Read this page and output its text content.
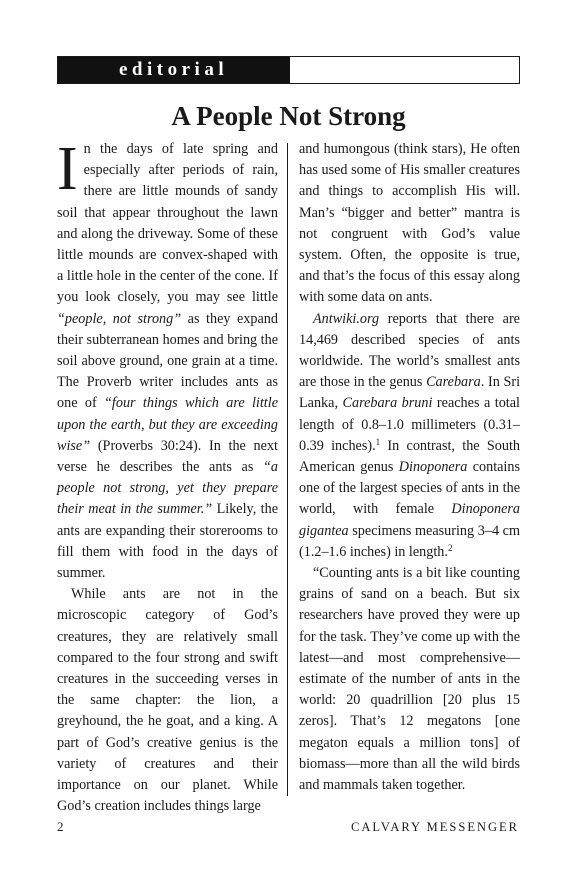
editorial
A People Not Strong

In the days of late spring and especially after periods of rain, there are little mounds of sandy soil that appear throughout the lawn and along the driveway. Some of these little mounds are convex-shaped with a little hole in the center of the cone. If you look closely, you may see little “people, not strong” as they expand their subterranean homes and bring the soil above ground, one grain at a time. The Proverb writer includes ants as one of “four things which are little upon the earth, but they are exceeding wise” (Proverbs 30:24). In the next verse he describes the ants as “a people not strong, yet they prepare their meat in the summer.” Likely, the ants are expanding their storerooms to fill them with food in the days of summer.

While ants are not in the microscopic category of God’s creatures, they are relatively small compared to the four strong and swift creatures in the succeeding verses in the same chapter: the lion, a greyhound, the he goat, and a king. A part of God’s creative genius is the variety of creatures and their importance on our planet. While God’s creation includes things large

and humongous (think stars), He often has used some of His smaller creatures and things to accomplish His will. Man’s “bigger and better” mantra is not congruent with God’s value system. Often, the opposite is true, and that’s the focus of this essay along with some data on ants.

Antwiki.org reports that there are 14,469 described species of ants worldwide. The world’s smallest ants are those in the genus Carebara. In Sri Lanka, Carebara bruni reaches a total length of 0.8–1.0 millimeters (0.31–0.39 inches).$^1$ In contrast, the South American genus Dinoponera contains one of the largest species of ants in the world, with female Dinoponera gigantea specimens measuring 3–4 cm (1.2–1.6 inches) in length.$^2$

“Counting ants is a bit like counting grains of sand on a beach. But six researchers have proved they were up for the task. They’ve come up with the latest—and most comprehensive—estimate of the number of ants in the world: 20 quadrillion [20 plus 15 zeros]. That’s 12 megatons [one megaton equals a million tons] of biomass—more than all the wild birds and mammals taken together.

2	CALVARY MESSENGER
